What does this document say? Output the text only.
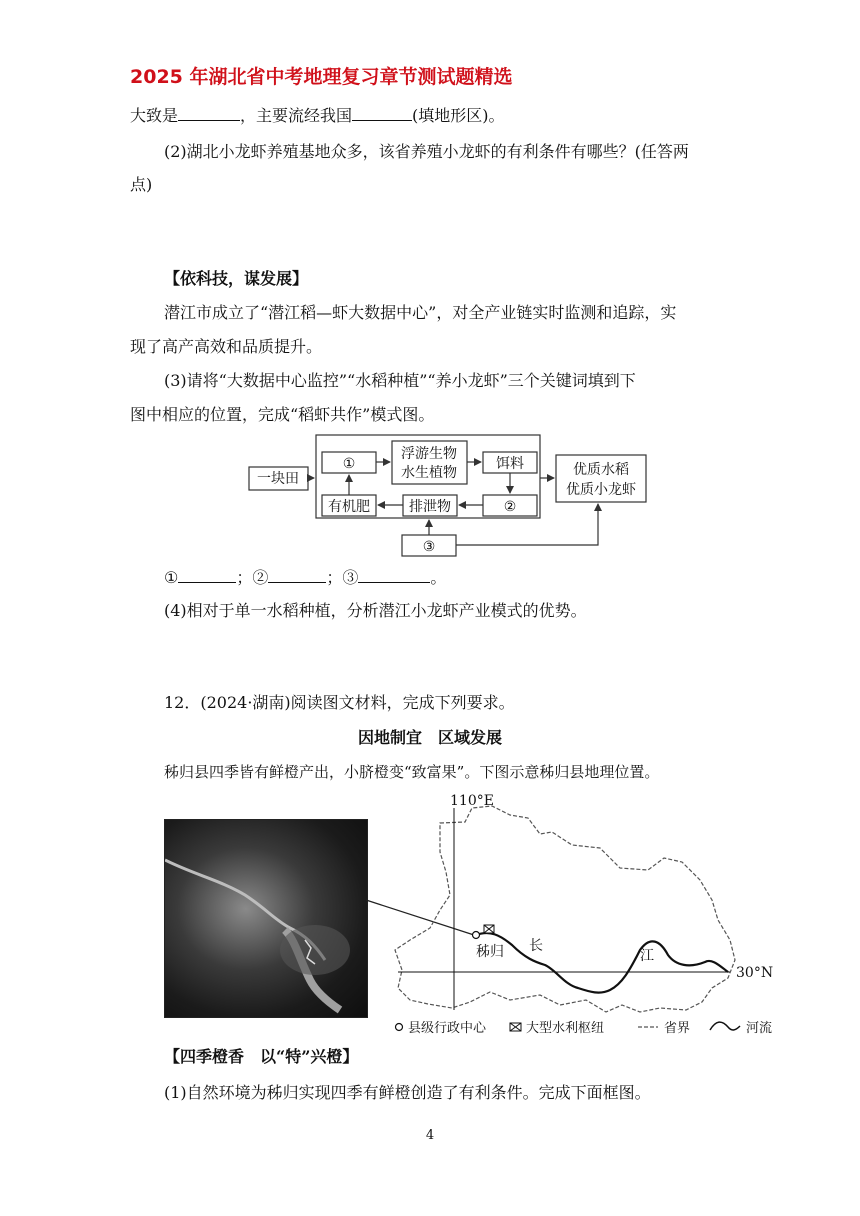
2025 年湖北省中考地理复习章节测试题精选
大致是	，主要流经我国	(填地形区)。
(2)湖北小龙虾养殖基地众多，该省养殖小龙虾的有利条件有哪些？(任答两
点)
【依科技，谋发展】
潜江市成立了“潜江稻—虾大数据中心”，对全产业链实时监测和追踪，实
现了高产高效和品质提升。
(3)请将“大数据中心监控”“水稻种植”“养小龙虾”三个关键词填到下
图中相应的位置，完成“稻虾共作”模式图。
一块田
①
浮游生物
水生植物
饵料
②
排泄物
有机肥
优质水稻
优质小龙虾
③
①	；②	；③	。
(4)相对于单一水稻种植，分析潜江小龙虾产业模式的优势。
12．(2024·湖南)阅读图文材料，完成下列要求。
因地制宜　区域发展
秭归县四季皆有鲜橙产出，小脐橙变“致富果”。下图示意秭归县地理位置。
110°E
30°N
秭归 长
江
县级行政中心	大型水利枢纽	省界	河流
【四季橙香　以“特”兴橙】
(1)自然环境为秭归实现四季有鲜橙创造了有利条件。完成下面框图。
4
